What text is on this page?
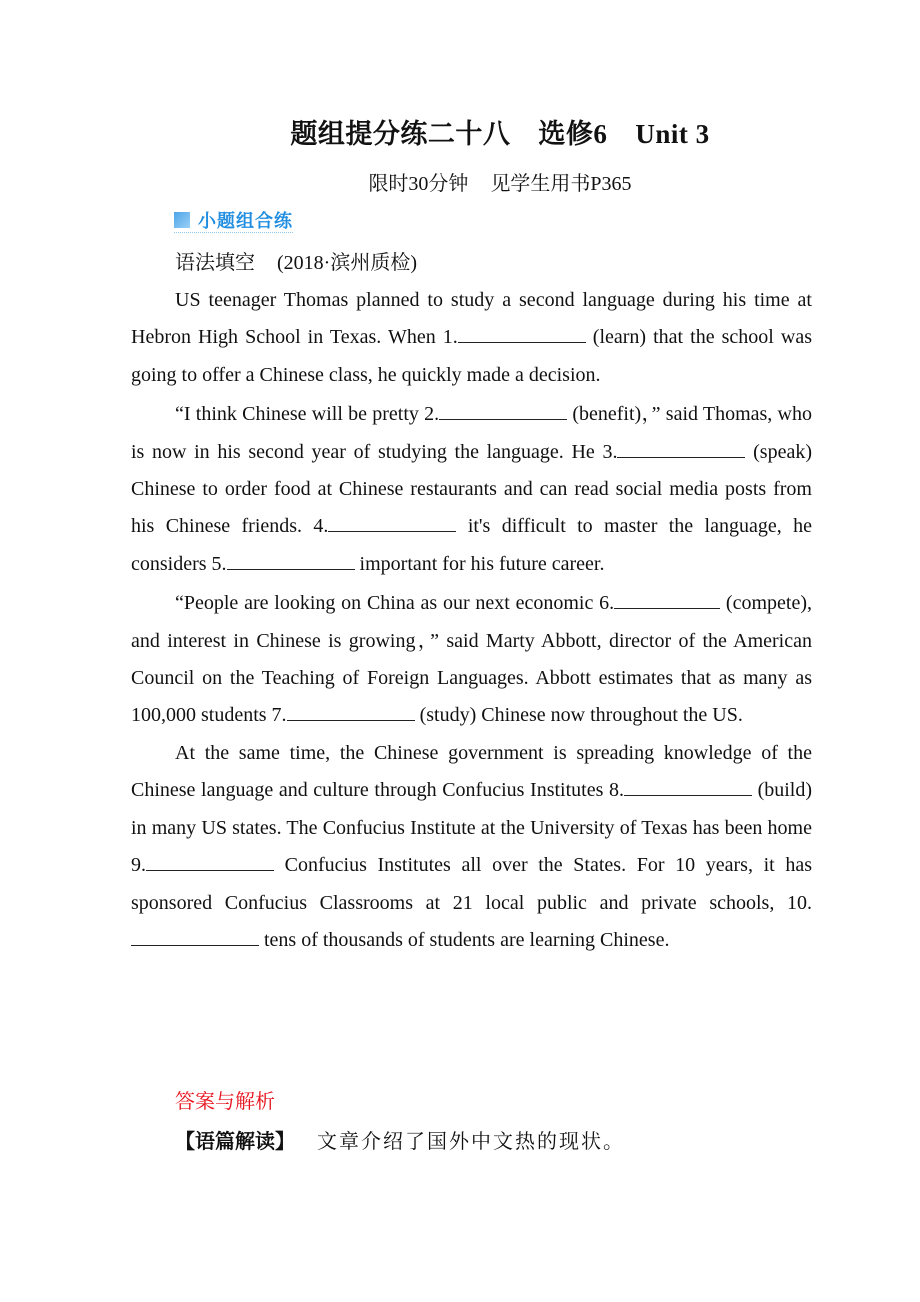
题组提分练二十八 选修6 Unit 3
限时30分钟 见学生用书P365
小题组合练
语法填空 (2018·滨州质检)

US teenager Thomas planned to study a second language during his time at Hebron High School in Texas. When 1.	(learn) that the school was going to offer a Chinese class, he quickly made a decision.

“I think Chinese will be pretty 2.	(benefit)，” said Thomas, who is now in his second year of studying the language. He 3.	(speak) Chinese to order food at Chinese restaurants and can read social media posts from his Chinese friends. 4.	it's difficult to master the language, he considers 5.	important for his future career.

“People are looking on China as our next economic 6.	(compete), and interest in Chinese is growing，” said Marty Abbott, director of the American Council on the Teaching of Foreign Languages. Abbott estimates that as many as 100,000 students 7.	(study) Chinese now throughout the US.

At the same time, the Chinese government is spreading knowledge of the Chinese language and culture through Confucius Institutes 8.	(build) in many US states. The Confucius Institute at the University of Texas has been home 9.	Confucius Institutes all over the States. For 10 years, it has sponsored Confucius Classrooms at 21 local public and private schools, 10. tens of thousands of students are learning Chinese.

答案与解析
【语篇解读】 文章介绍了国外中文热的现状。
